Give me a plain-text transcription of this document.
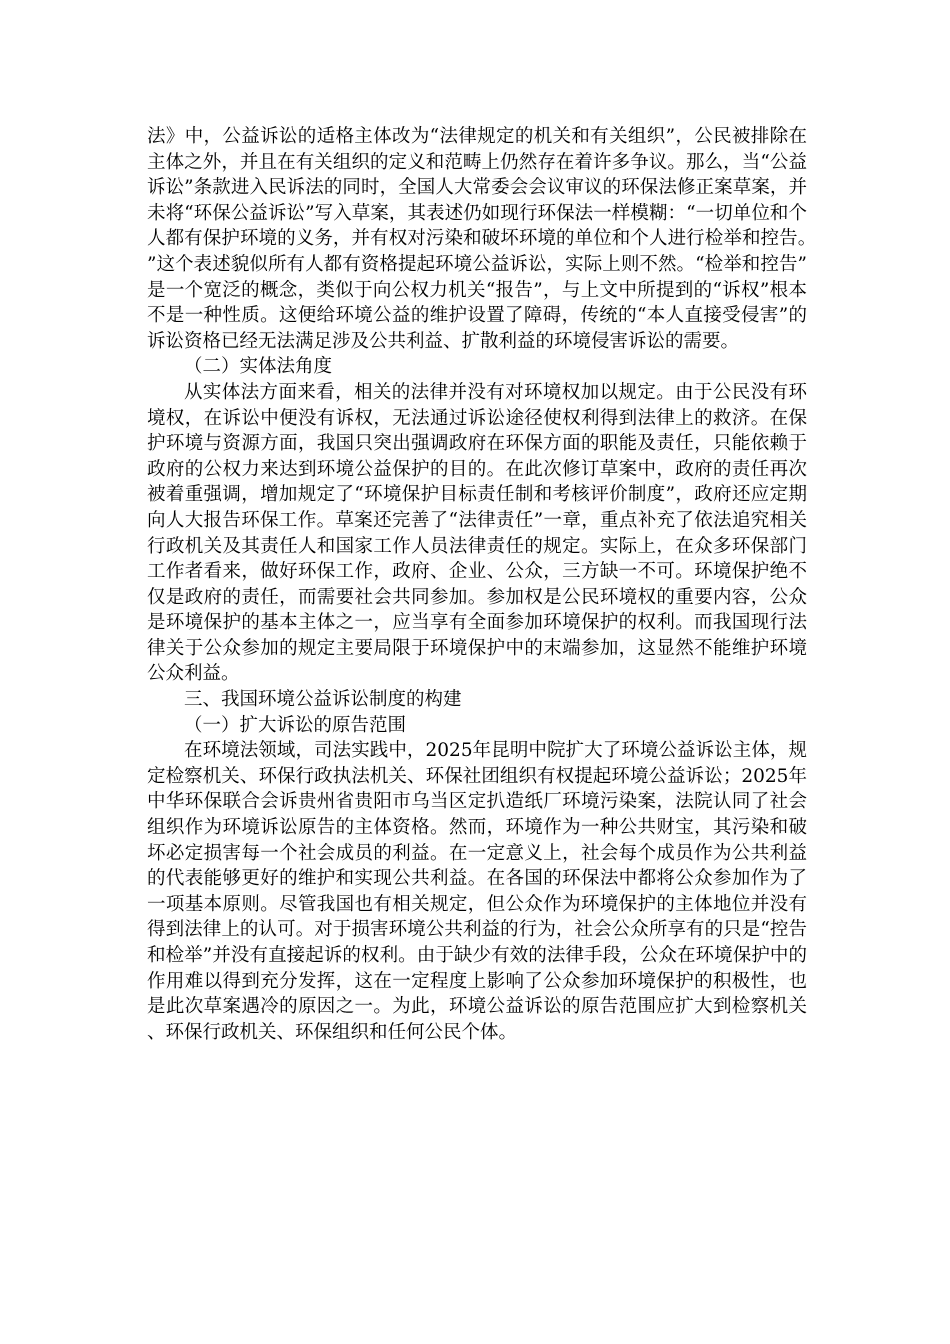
法》中，公益诉讼的适格主体改为“法律规定的机关和有关组织”，公民被排除在主体之外，并且在有关组织的定义和范畴上仍然存在着许多争议。那么，当“公益诉讼”条款进入民诉法的同时，全国人大常委会会议审议的环保法修正案草案，并未将“环保公益诉讼”写入草案，其表述仍如现行环保法一样模糊：“一切单位和个人都有保护环境的义务，并有权对污染和破坏环境的单位和个人进行检举和控告。”这个表述貌似所有人都有资格提起环境公益诉讼，实际上则不然。“检举和控告”是一个宽泛的概念，类似于向公权力机关“报告”，与上文中所提到的“诉权”根本不是一种性质。这便给环境公益的维护设置了障碍，传统的“本人直接受侵害”的诉讼资格已经无法满足涉及公共利益、扩散利益的环境侵害诉讼的需要。

（二）实体法角度

从实体法方面来看，相关的法律并没有对环境权加以规定。由于公民没有环境权，在诉讼中便没有诉权，无法通过诉讼途径使权利得到法律上的救济。在保护环境与资源方面，我国只突出强调政府在环保方面的职能及责任，只能依赖于政府的公权力来达到环境公益保护的目的。在此次修订草案中，政府的责任再次被着重强调，增加规定了“环境保护目标责任制和考核评价制度”，政府还应定期向人大报告环保工作。草案还完善了“法律责任”一章，重点补充了依法追究相关行政机关及其责任人和国家工作人员法律责任的规定。实际上，在众多环保部门工作者看来，做好环保工作，政府、企业、公众，三方缺一不可。环境保护绝不仅是政府的责任，而需要社会共同参加。参加权是公民环境权的重要内容，公众是环境保护的基本主体之一，应当享有全面参加环境保护的权利。而我国现行法律关于公众参加的规定主要局限于环境保护中的末端参加，这显然不能维护环境公众利益。

三、我国环境公益诉讼制度的构建

（一）扩大诉讼的原告范围

在环境法领域，司法实践中，2025年昆明中院扩大了环境公益诉讼主体，规定检察机关、环保行政执法机关、环保社团组织有权提起环境公益诉讼；2025年中华环保联合会诉贵州省贵阳市乌当区定扒造纸厂环境污染案，法院认同了社会组织作为环境诉讼原告的主体资格。然而，环境作为一种公共财宝，其污染和破坏必定损害每一个社会成员的利益。在一定意义上，社会每个成员作为公共利益的代表能够更好的维护和实现公共利益。在各国的环保法中都将公众参加作为了一项基本原则。尽管我国也有相关规定，但公众作为环境保护的主体地位并没有得到法律上的认可。对于损害环境公共利益的行为，社会公众所享有的只是“控告和检举”并没有直接起诉的权利。由于缺少有效的法律手段，公众在环境保护中的作用难以得到充分发挥，这在一定程度上影响了公众参加环境保护的积极性，也是此次草案遇冷的原因之一。为此，环境公益诉讼的原告范围应扩大到检察机关、环保行政机关、环保组织和任何公民个体。
